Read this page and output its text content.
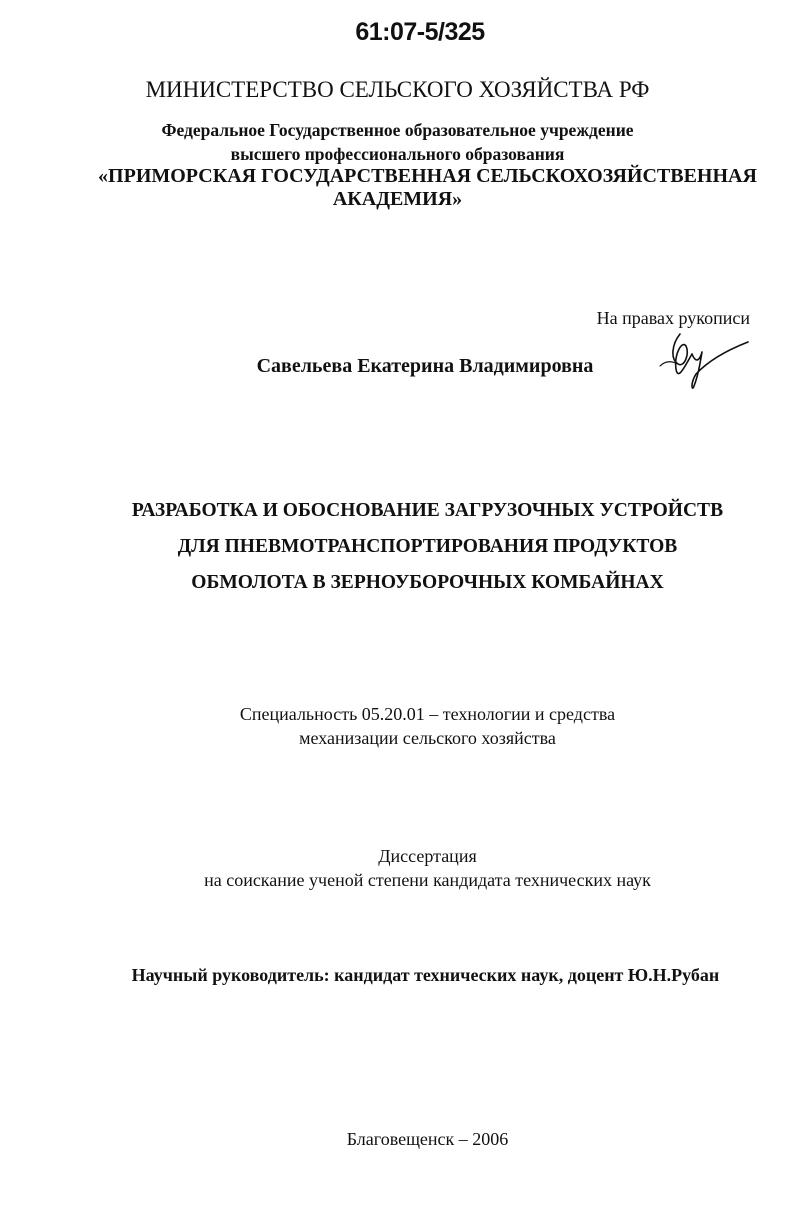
61:07-5/325
МИНИСТЕРСТВО СЕЛЬСКОГО ХОЗЯЙСТВА РФ
Федеральное Государственное образовательное учреждение
высшего профессионального образования
«ПРИМОРСКАЯ ГОСУДАРСТВЕННАЯ СЕЛЬСКОХОЗЯЙСТВЕННАЯ
АКАДЕМИЯ»
На правах рукописи
Савельева Екатерина Владимировна
РАЗРАБОТКА И ОБОСНОВАНИЕ ЗАГРУЗОЧНЫХ УСТРОЙСТВ
ДЛЯ ПНЕВМОТРАНСПОРТИРОВАНИЯ ПРОДУКТОВ
ОБМОЛОТА В ЗЕРНОУБОРОЧНЫХ КОМБАЙНАХ
Специальность 05.20.01 – технологии и средства
механизации сельского хозяйства
Диссертация
на соискание ученой степени кандидата технических наук
Научный руководитель: кандидат технических наук, доцент Ю.Н.Рубан
Благовещенск – 2006
